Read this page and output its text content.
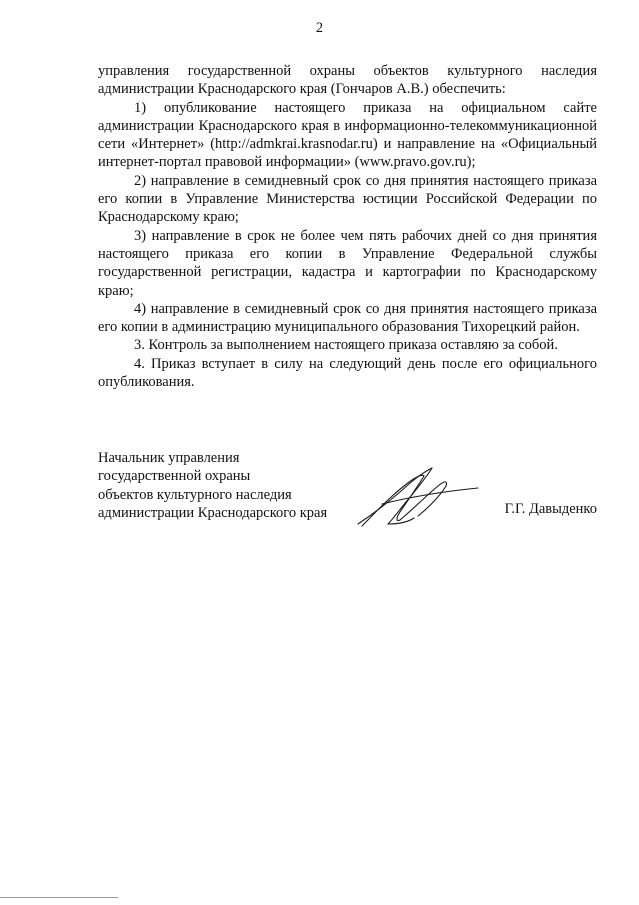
2

управления государственной охраны объектов культурного наследия администрации Краснодарского края (Гончаров А.В.) обеспечить:

1) опубликование настоящего приказа на официальном сайте администрации Краснодарского края в информационно-телекоммуникационной сети «Интернет» (http://admkrai.krasnodar.ru) и направление на «Официальный интернет-портал правовой информации» (www.pravo.gov.ru);

2) направление в семидневный срок со дня принятия настоящего приказа его копии в Управление Министерства юстиции Российской Федерации по Краснодарскому краю;

3) направление в срок не более чем пять рабочих дней со дня принятия настоящего приказа его копии в Управление Федеральной службы государственной регистрации, кадастра и картографии по Краснодарскому краю;

4) направление в семидневный срок со дня принятия настоящего приказа его копии в администрацию муниципального образования Тихорецкий район.

3. Контроль за выполнением настоящего приказа оставляю за собой.

4. Приказ вступает в силу на следующий день после его официального опубликования.

Начальник управления
государственной охраны
объектов культурного наследия
администрации Краснодарского края	Г.Г. Давыденко
